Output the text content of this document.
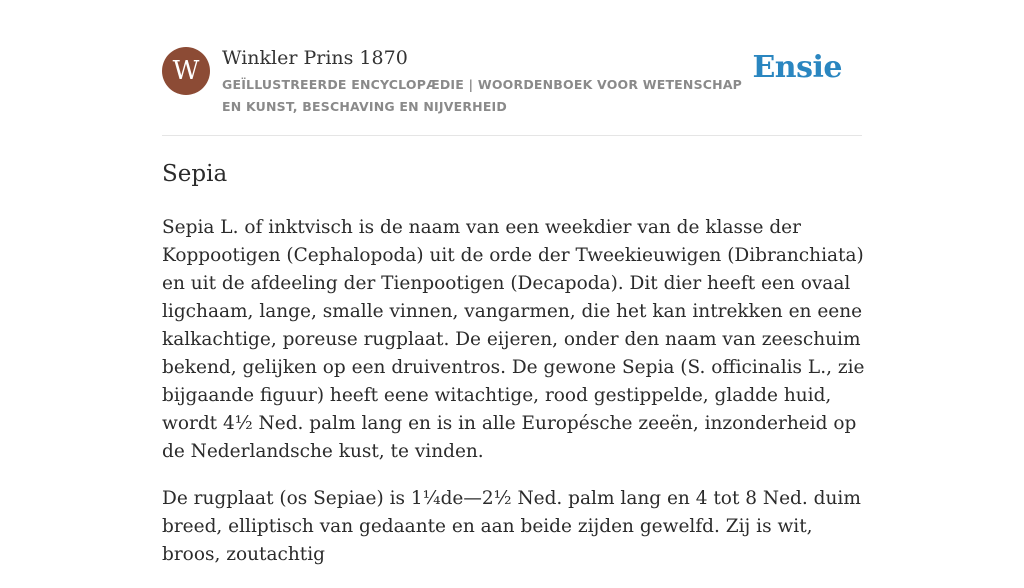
W	Winkler Prins 1870
GEÏLLUSTREERDE ENCYCLOPÆDIE | WOORDENBOEK VOOR WETENSCHAP EN KUNST, BESCHAVING EN NIJVERHEID
Ensie
Sepia

Sepia L. of inktvisch is de naam van een weekdier van de klasse der Koppootigen (Cephalopoda) uit de orde der Tweekieuwigen (Dibranchiata) en uit de afdeeling der Tienpootigen (Decapoda). Dit dier heeft een ovaal ligchaam, lange, smalle vinnen, vangarmen, die het kan intrekken en eene kalkachtige, poreuse rugplaat. De eijeren, onder den naam van zeeschuim bekend, gelijken op een druiventros. De gewone Sepia (S. officinalis L., zie bijgaande figuur) heeft eene witachtige, rood gestippelde, gladde huid, wordt 4½ Ned. palm lang en is in alle Europésche zeeën, inzonderheid op de Nederlandsche kust, te vinden.

De rugplaat (os Sepiae) is 1¼de—2½ Ned. palm lang en 4 tot 8 Ned. duim breed, elliptisch van gedaante en aan beide zijden gewelfd. Zij is wit, broos, zoutachtig
